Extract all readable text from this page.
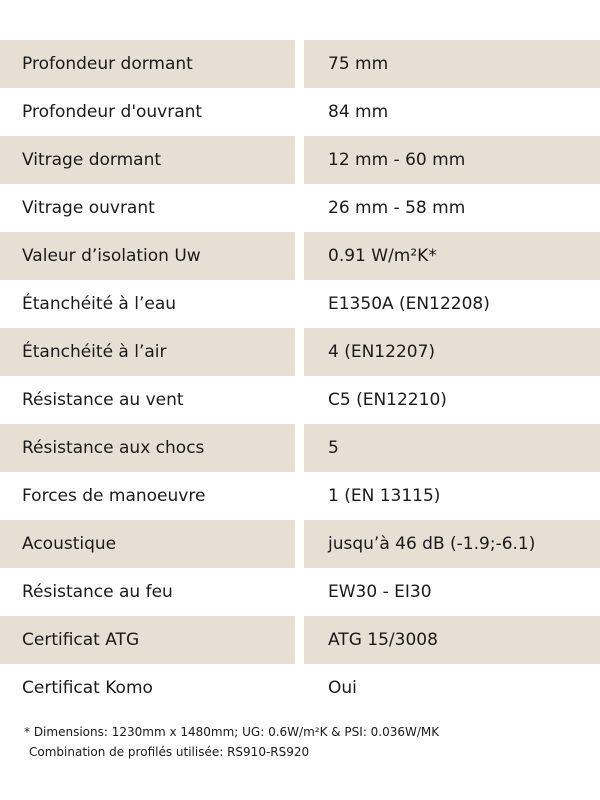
Profondeur dormant	75 mm
Profondeur d'ouvrant	84 mm
Vitrage dormant	12 mm - 60 mm
Vitrage ouvrant	26 mm - 58 mm
Valeur d’isolation Uw	0.91 W/m²K*
Étanchéité à l’eau	E1350A (EN12208)
Étanchéité à l’air	4 (EN12207)
Résistance au vent	C5 (EN12210)
Résistance aux chocs	5
Forces de manoeuvre	1 (EN 13115)
Acoustique	jusqu’à 46 dB (-1.9;-6.1)
Résistance au feu	EW30 - EI30
Certificat ATG	ATG 15/3008
Certificat Komo	Oui
* Dimensions: 1230mm x 1480mm; UG: 0.6W/m²K & PSI: 0.036W/MK
Combination de profilés utilisée: RS910-RS920
